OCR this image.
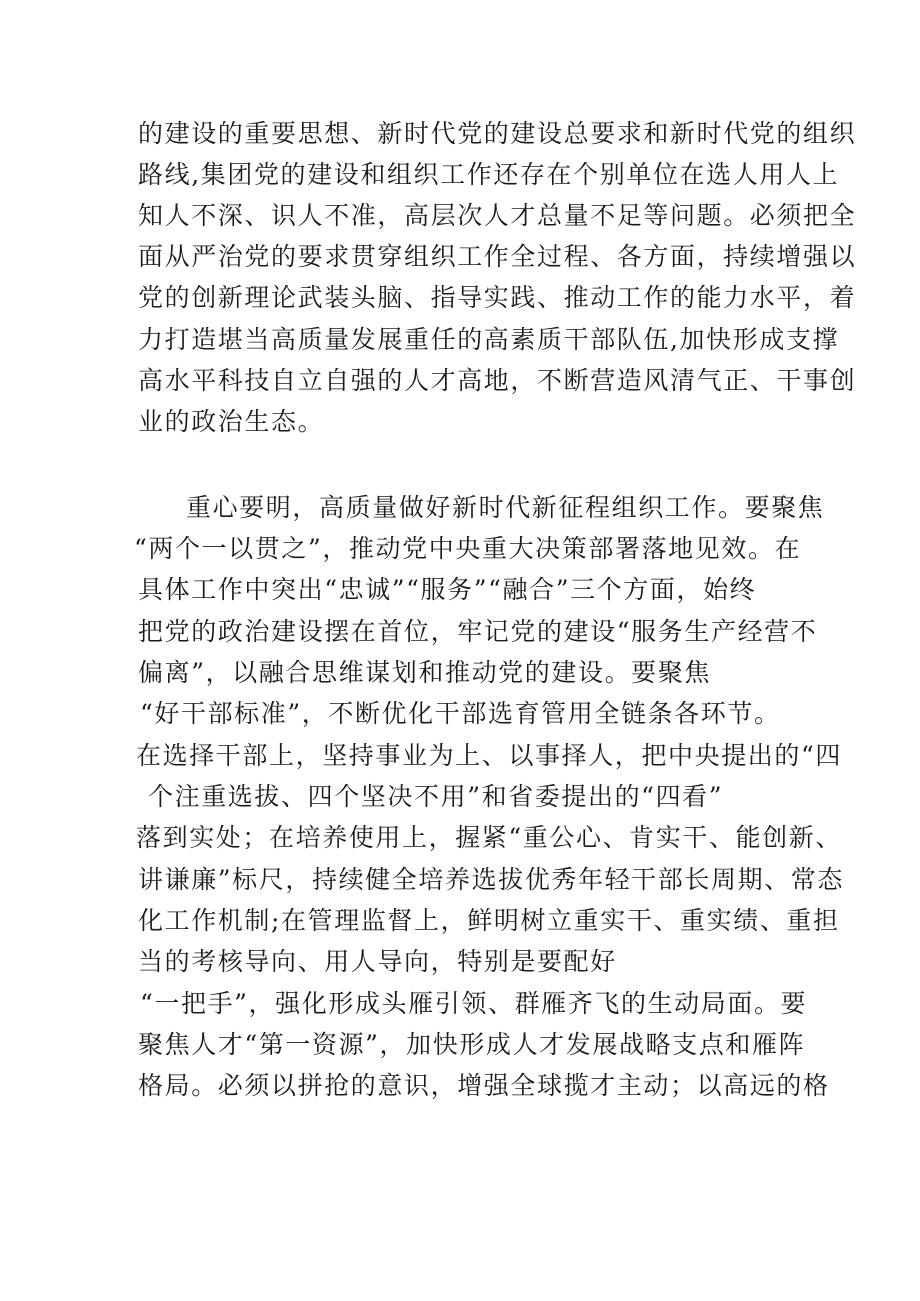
的建设的重要思想、新时代党的建设总要求和新时代党的组织
路线,集团党的建设和组织工作还存在个别单位在选人用人上
知人不深、识人不准，高层次人才总量不足等问题。必须把全
面从严治党的要求贯穿组织工作全过程、各方面，持续增强以
党的创新理论武装头脑、指导实践、推动工作的能力水平，着
力打造堪当高质量发展重任的高素质干部队伍,加快形成支撑
高水平科技自立自强的人才高地，不断营造风清气正、干事创
业的政治生态。
重心要明，高质量做好新时代新征程组织工作。要聚焦
“两个一以贯之”，推动党中央重大决策部署落地见效。在
具体工作中突出“忠诚”“服务”“融合”三个方面，始终
把党的政治建设摆在首位，牢记党的建设“服务生产经营不
偏离”，以融合思维谋划和推动党的建设。要聚焦
“好干部标准”，不断优化干部选育管用全链条各环节。
在选择干部上，坚持事业为上、以事择人，把中央提出的“四
个注重选拔、四个坚决不用”和省委提出的“四看”
落到实处；在培养使用上，握紧“重公心、肯实干、能创新、
讲谦廉”标尺，持续健全培养选拔优秀年轻干部长周期、常态
化工作机制;在管理监督上，鲜明树立重实干、重实绩、重担
当的考核导向、用人导向，特别是要配好
“一把手”，强化形成头雁引领、群雁齐飞的生动局面。要
聚焦人才“第一资源”，加快形成人才发展战略支点和雁阵
格局。必须以拼抢的意识，增强全球揽才主动；以高远的格
